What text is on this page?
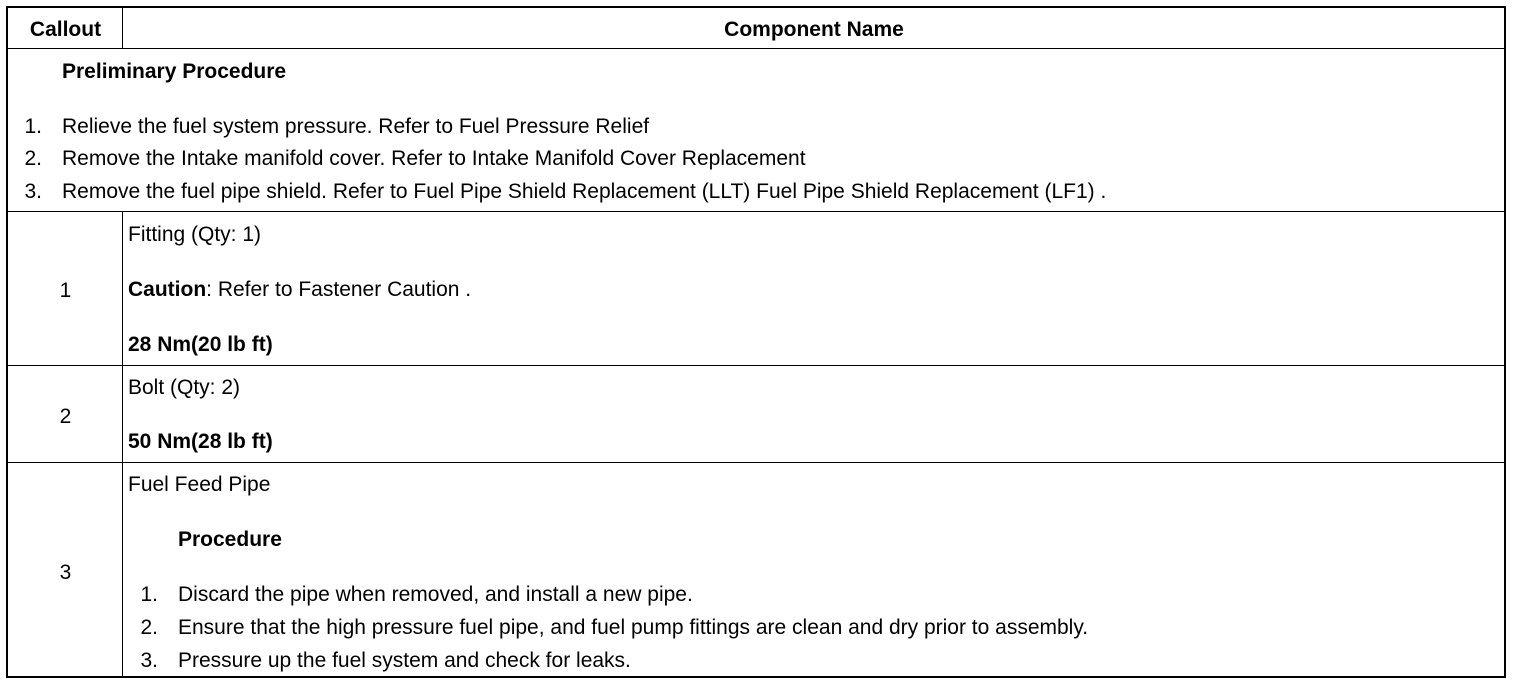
Callout	Component Name
Preliminary Procedure
1. Relieve the fuel system pressure. Refer to Fuel Pressure Relief
2. Remove the Intake manifold cover. Refer to Intake Manifold Cover Replacement
3. Remove the fuel pipe shield. Refer to Fuel Pipe Shield Replacement (LLT) Fuel Pipe Shield Replacement (LF1) .
1
Fitting (Qty: 1)
Caution: Refer to Fastener Caution .
28 Nm(20 lb ft)
2
Bolt (Qty: 2)
50 Nm(28 lb ft)
3
Fuel Feed Pipe
Procedure
1. Discard the pipe when removed, and install a new pipe.
2. Ensure that the high pressure fuel pipe, and fuel pump fittings are clean and dry prior to assembly.
3. Pressure up the fuel system and check for leaks.
